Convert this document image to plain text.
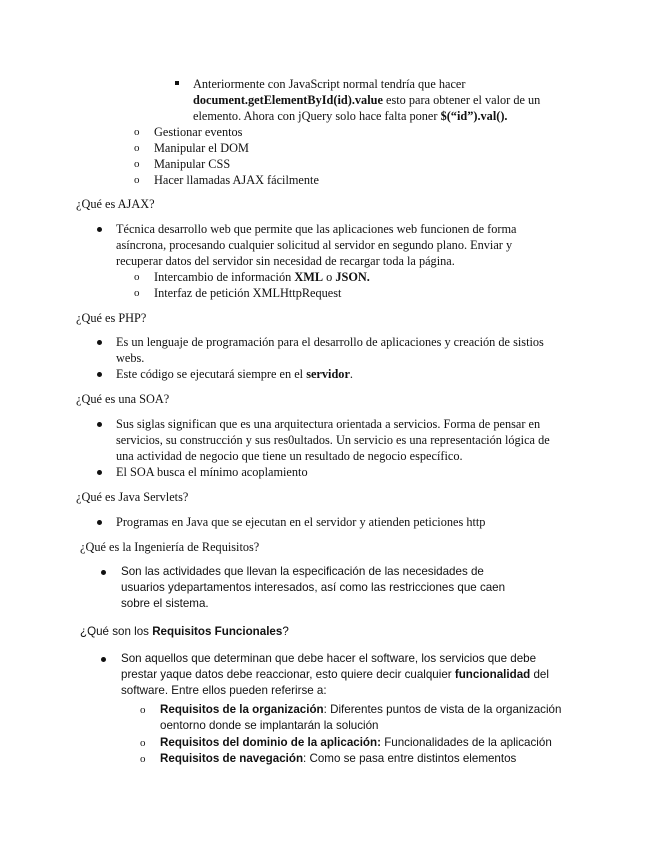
Anteriormente con JavaScript normal tendría que hacer
document.getElementById(id).value esto para obtener el valor de un
elemento. Ahora con jQuery solo hace falta poner $(“id”).val().
o Gestionar eventos
o Manipular el DOM
o Manipular CSS
o Hacer llamadas AJAX fácilmente
¿Qué es AJAX?
Técnica desarrollo web que permite que las aplicaciones web funcionen de forma
asíncrona, procesando cualquier solicitud al servidor en segundo plano. Enviar y
recuperar datos del servidor sin necesidad de recargar toda la página.
o Intercambio de información XML o JSON.
o Interfaz de petición XMLHttpRequest
¿Qué es PHP?
Es un lenguaje de programación para el desarrollo de aplicaciones y creación de sistios
webs.
Este código se ejecutará siempre en el servidor.
¿Qué es una SOA?
Sus siglas significan que es una arquitectura orientada a servicios. Forma de pensar en
servicios, su construcción y sus res0ultados. Un servicio es una representación lógica de
una actividad de negocio que tiene un resultado de negocio específico.
El SOA busca el mínimo acoplamiento
¿Qué es Java Servlets?
Programas en Java que se ejecutan en el servidor y atienden peticiones http
¿Qué es la Ingeniería de Requisitos?
Son las actividades que llevan la especificación de las necesidades de
usuarios ydepartamentos interesados, así como las restricciones que caen
sobre el sistema.
¿Qué son los Requisitos Funcionales?
Son aquellos que determinan que debe hacer el software, los servicios que debe
prestar yaque datos debe reaccionar, esto quiere decir cualquier funcionalidad del
software. Entre ellos pueden referirse a:
o Requisitos de la organización: Diferentes puntos de vista de la organización
oentorno donde se implantarán la solución
o Requisitos del dominio de la aplicación: Funcionalidades de la aplicación
o Requisitos de navegación: Como se pasa entre distintos elementos
